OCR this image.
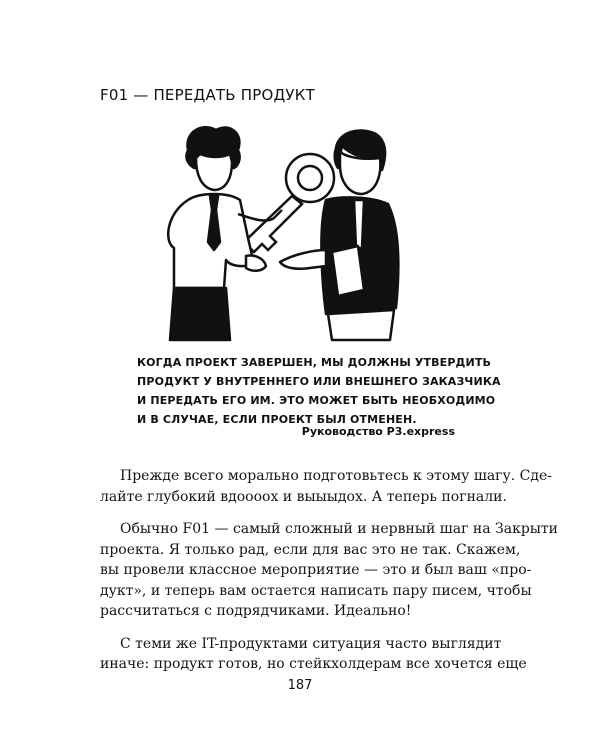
F01 — ПЕРЕДАТЬ ПРОДУКТ
КОГДА ПРОЕКТ ЗАВЕРШЕН, МЫ ДОЛЖНЫ УТВЕРДИТЬ
ПРОДУКТ У ВНУТРЕННЕГО ИЛИ ВНЕШНЕГО ЗАКАЗЧИКА
И ПЕРЕДАТЬ ЕГО ИМ. ЭТО МОЖЕТ БЫТЬ НЕОБХОДИМО
И В СЛУЧАЕ, ЕСЛИ ПРОЕКТ БЫЛ ОТМЕНЕН.
Руководство P3.express

Прежде всего морально подготовьтесь к этому шагу. Сде-
лайте глубокий вдоооох и выыыдох. А теперь погнали.

Обычно F01 — самый сложный и нервный шаг на Закрыти
проекта. Я только рад, если для вас это не так. Скажем,
вы провели классное мероприятие — это и был ваш «про-
дукт», и теперь вам остается написать пару писем, чтобы
рассчитаться с подрядчиками. Идеально!

С теми же IT-продуктами ситуация часто выглядит
иначе: продукт готов, но стейкхолдерам все хочется еще

187
